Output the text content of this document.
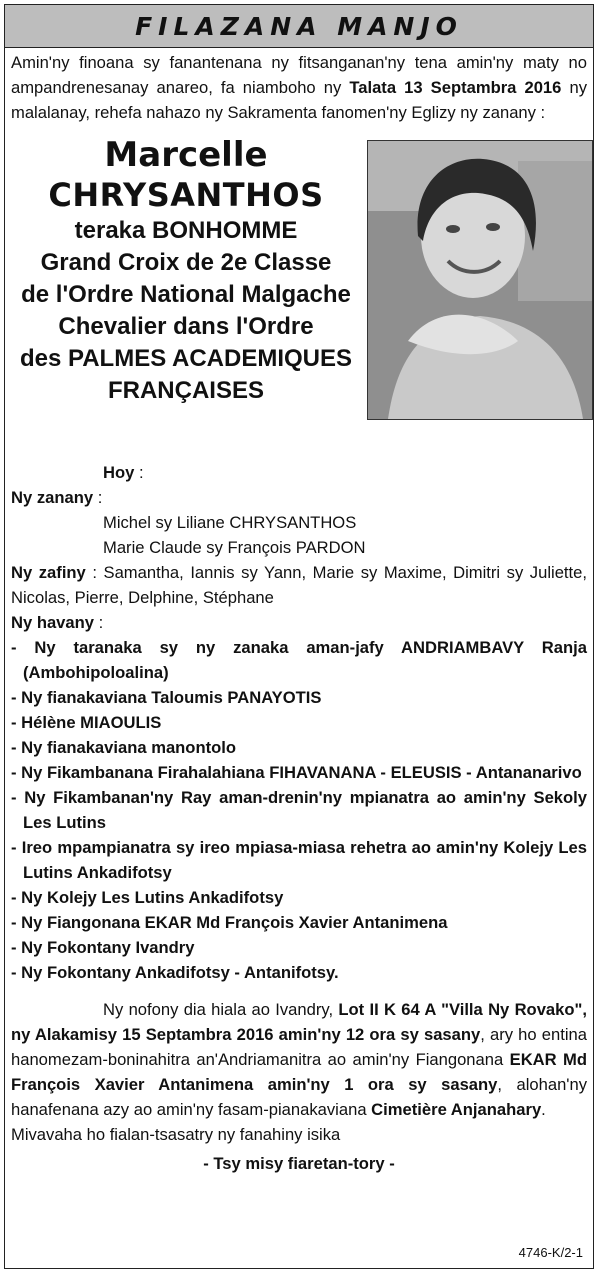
FILAZANA MANJO
Amin'ny finoana sy fanantenana ny fitsanganan'ny tena amin'ny maty no ampandrenesanay anareo, fa niamboho ny Talata 13 Septambra 2016 ny malalanay, rehefa nahazo ny Sakramenta fanomen'ny Eglizy ny zanany :
Marcelle
CHRYSANTHOS
teraka BONHOMME
Grand Croix de 2e Classe
de l'Ordre National Malgache
Chevalier dans l'Ordre
des PALMES ACADEMIQUES
FRANÇAISES
Hoy :
Ny zanany :
Michel sy Liliane CHRYSANTHOS
Marie Claude sy François PARDON
Ny zafiny : Samantha, Iannis sy Yann, Marie sy Maxime, Dimitri sy Juliette, Nicolas, Pierre, Delphine, Stéphane
Ny havany :
- Ny taranaka sy ny zanaka aman-jafy ANDRIAMBAVY Ranja (Ambohipoloalina)
- Ny fianakaviana Taloumis PANAYOTIS
- Hélène MIAOULIS
- Ny fianakaviana manontolo
- Ny Fikambanana Firahalahiana FIHAVANANA - ELEUSIS - Antananarivo
- Ny Fikambanan'ny Ray aman-drenin'ny mpianatra ao amin'ny Sekoly Les Lutins
- Ireo mpampianatra sy ireo mpiasa-miasa rehetra ao amin'ny Kolejy Les Lutins Ankadifotsy
- Ny Kolejy Les Lutins Ankadifotsy
- Ny Fiangonana EKAR Md François Xavier Antanimena
- Ny Fokontany Ivandry
- Ny Fokontany Ankadifotsy - Antanifotsy.
Ny nofony dia hiala ao Ivandry, Lot II K 64 A "Villa Ny Rovako", ny Alakamisy 15 Septambra 2016 amin'ny 12 ora sy sasany, ary ho entina hanomezam-boninahitra an'Andriamanitra ao amin'ny Fiangonana EKAR Md François Xavier Antanimena amin'ny 1 ora sy sasany, alohan'ny hanafenana azy ao amin'ny fasam-pianakaviana Cimetière Anjanahary.
Mivavaha ho fialan-tsasatry ny fanahiny isika
- Tsy misy fiaretan-tory -
4746-K/2-1
